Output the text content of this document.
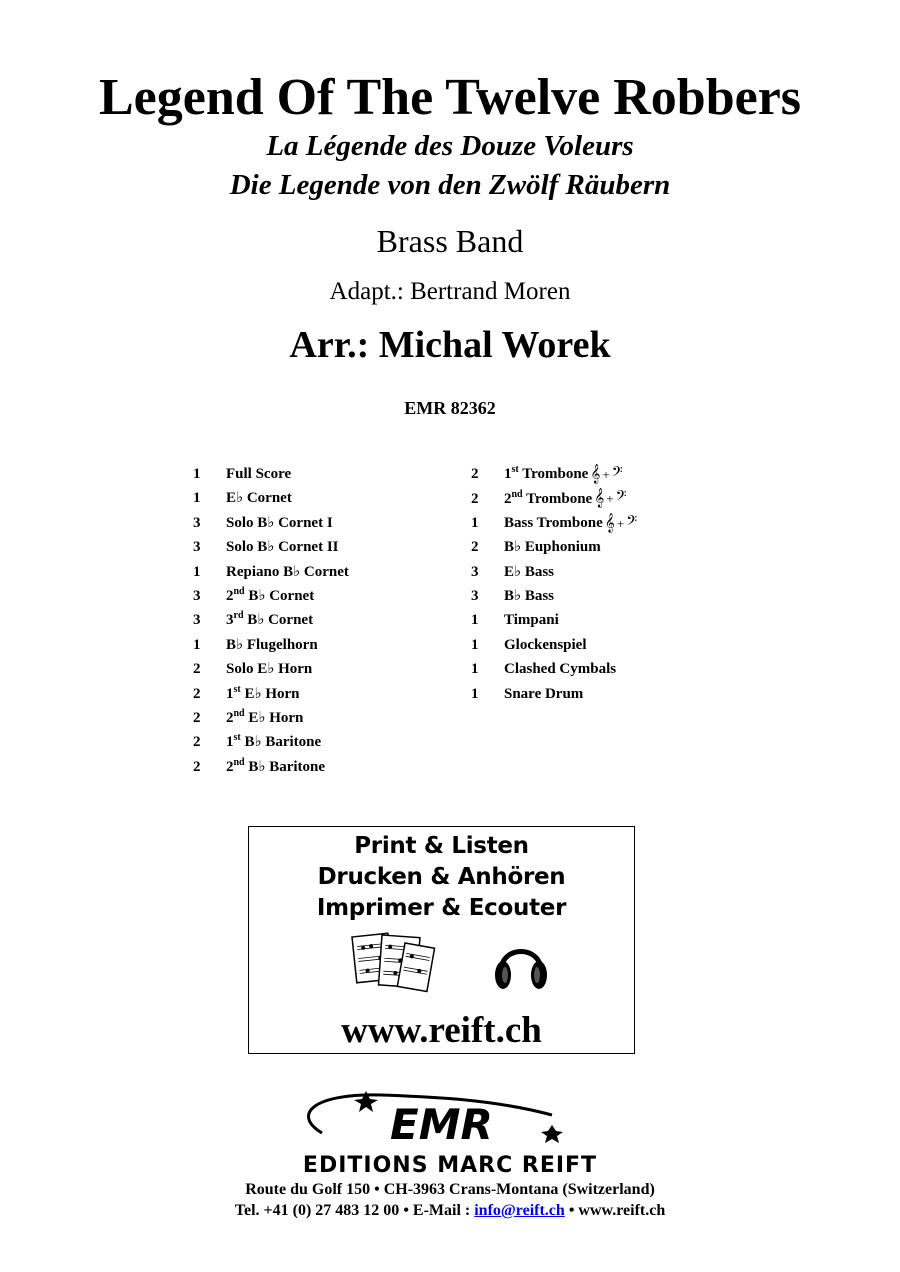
Legend Of The Twelve Robbers
La Légende des Douze Voleurs
Die Legende von den Zwölf Räubern
Brass Band
Adapt.: Bertrand Moren
Arr.: Michal Worek
EMR 82362
1 Full Score
1 E♭ Cornet
3 Solo B♭ Cornet I
3 Solo B♭ Cornet II
1 Repiano B♭ Cornet
3 2nd B♭ Cornet
3 3rd B♭ Cornet
1 B♭ Flugelhorn
2 Solo E♭ Horn
2 1st E♭ Horn
2 2nd E♭ Horn
2 1st B♭ Baritone
2 2nd B♭ Baritone
2 1st Trombone 𝄞 + 𝄢
2 2nd Trombone 𝄞 + 𝄢
1 Bass Trombone 𝄞 + 𝄢
2 B♭ Euphonium
3 E♭ Bass
3 B♭ Bass
1 Timpani
1 Glockenspiel
1 Clashed Cymbals
1 Snare Drum
Print & Listen
Drucken & Anhören
Imprimer & Ecouter
www.reift.ch
EMR
EDITIONS MARC REIFT
Route du Golf 150 • CH-3963 Crans-Montana (Switzerland)
Tel. +41 (0) 27 483 12 00 • E-Mail : info@reift.ch • www.reift.ch
